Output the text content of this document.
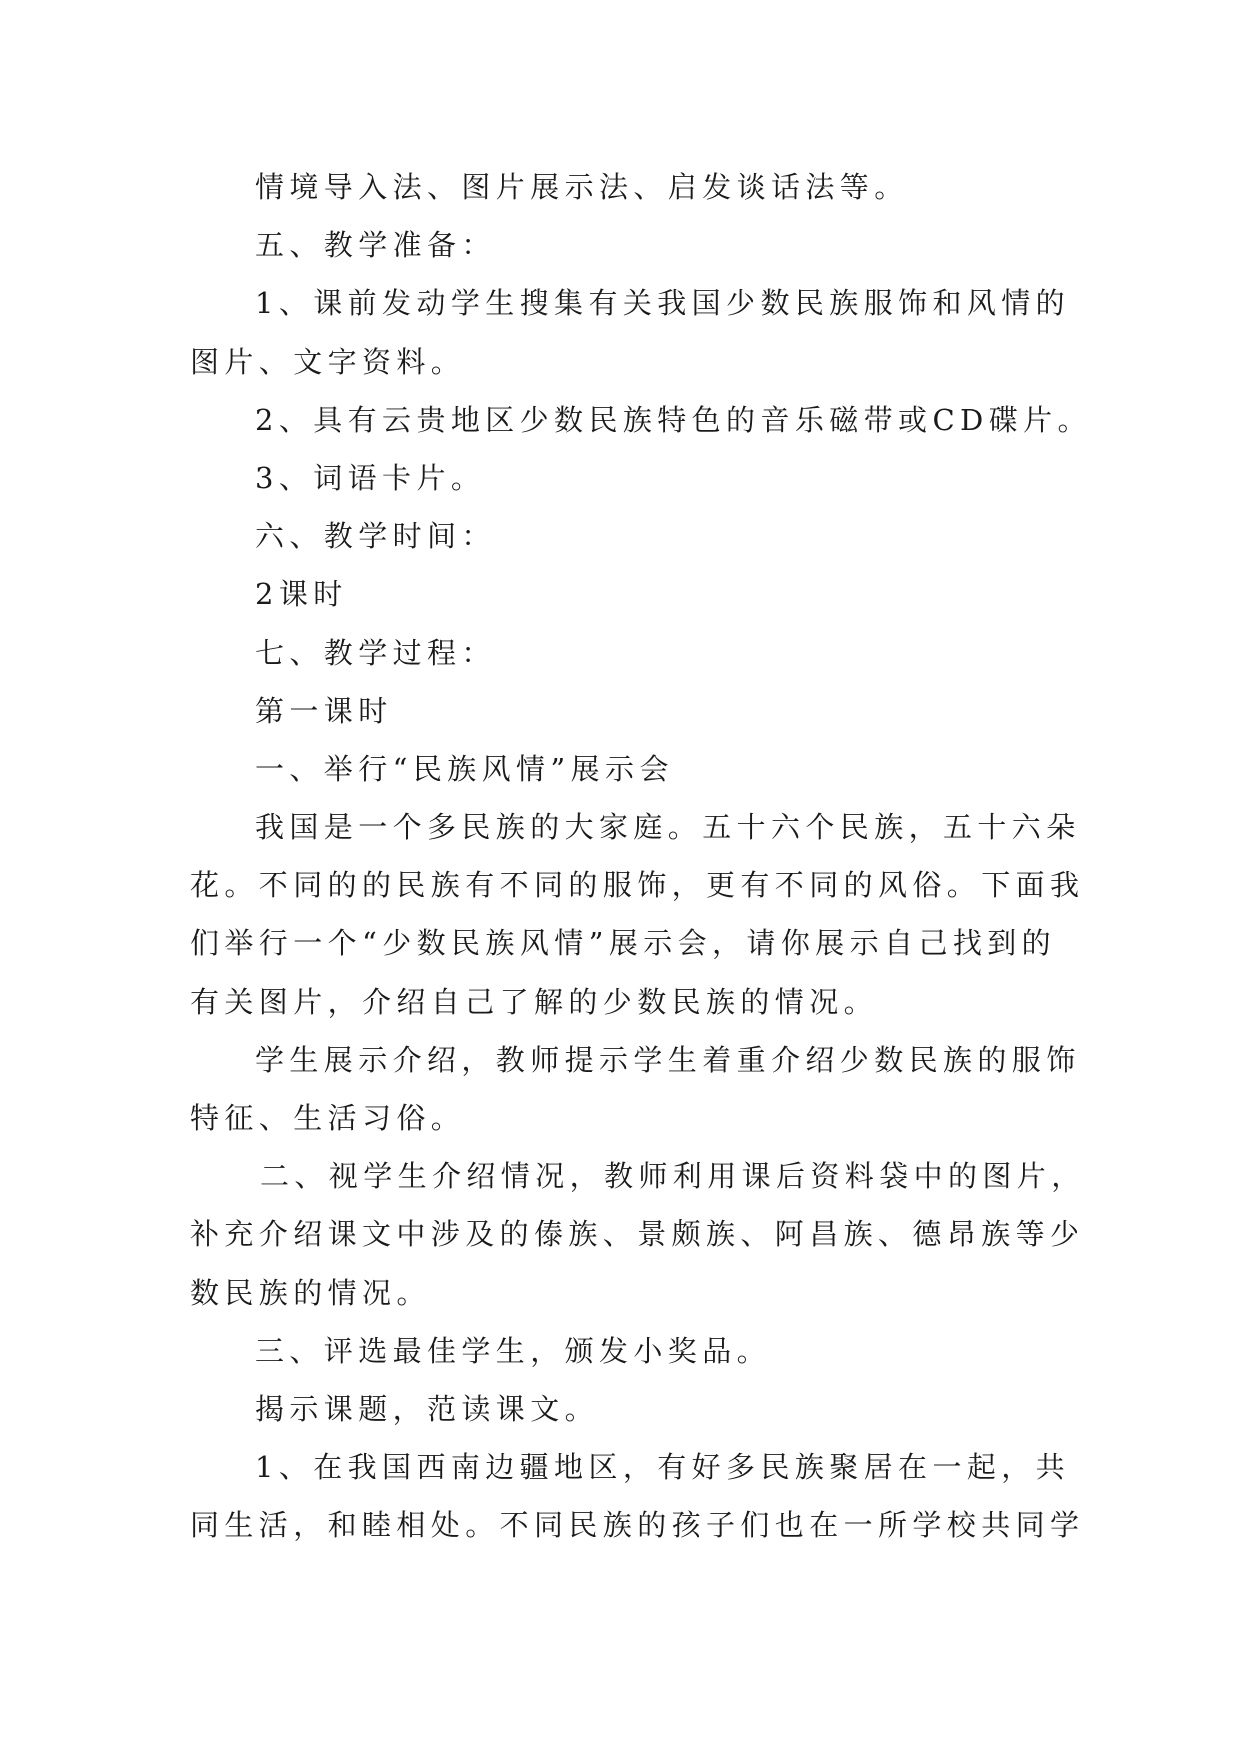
情境导入法、图片展示法、启发谈话法等。
五、教学准备：
1、课前发动学生搜集有关我国少数民族服饰和风情的
图片、文字资料。
2、具有云贵地区少数民族特色的音乐磁带或CD碟片。
3、词语卡片。
六、教学时间：
2课时
七、教学过程：
第一课时
一、举行“民族风情”展示会
我国是一个多民族的大家庭。五十六个民族，五十六朵
花。不同的的民族有不同的服饰，更有不同的风俗。下面我
们举行一个“少数民族风情”展示会，请你展示自己找到的
有关图片，介绍自己了解的少数民族的情况。
学生展示介绍，教师提示学生着重介绍少数民族的服饰
特征、生活习俗。
二、视学生介绍情况，教师利用课后资料袋中的图片，
补充介绍课文中涉及的傣族、景颇族、阿昌族、德昂族等少
数民族的情况。
三、评选最佳学生，颁发小奖品。
揭示课题，范读课文。
1、在我国西南边疆地区，有好多民族聚居在一起，共
同生活，和睦相处。不同民族的孩子们也在一所学校共同学
